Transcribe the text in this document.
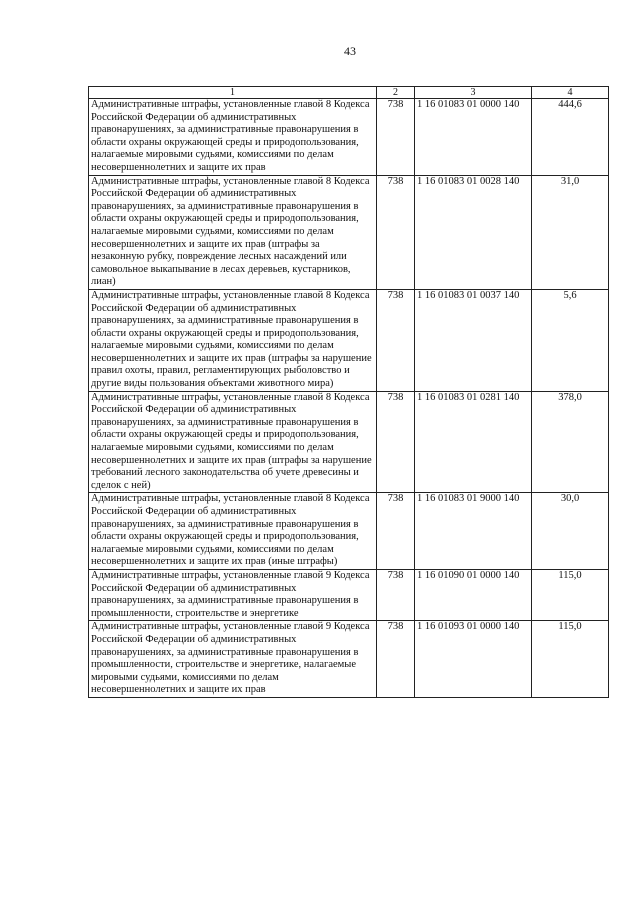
43
1	2	3	4
Административные штрафы, установленные главой 8 Кодекса Российской Федерации об административных правонарушениях, за административные правонарушения в области охраны окружающей среды и природопользования, налагаемые мировыми судьями, комиссиями по делам несовершеннолетних и защите их прав	738	1 16 01083 01 0000 140	444,6
Административные штрафы, установленные главой 8 Кодекса Российской Федерации об административных правонарушениях, за административные правонарушения в области охраны окружающей среды и природопользования, налагаемые мировыми судьями, комиссиями по делам несовершеннолетних и защите их прав (штрафы за незаконную рубку, повреждение лесных насаждений или самовольное выкапывание в лесах деревьев, кустарников, лиан)	738	1 16 01083 01 0028 140	31,0
Административные штрафы, установленные главой 8 Кодекса Российской Федерации об административных правонарушениях, за административные правонарушения в области охраны окружающей среды и природопользования, налагаемые мировыми судьями, комиссиями по делам несовершеннолетних и защите их прав (штрафы за нарушение правил охоты, правил, регламентирующих рыболовство и другие виды пользования объектами животного мира)	738	1 16 01083 01 0037 140	5,6
Административные штрафы, установленные главой 8 Кодекса Российской Федерации об административных правонарушениях, за административные правонарушения в области охраны окружающей среды и природопользования, налагаемые мировыми судьями, комиссиями по делам несовершеннолетних и защите их прав (штрафы за нарушение требований лесного законодательства об учете древесины и сделок с ней)	738	1 16 01083 01 0281 140	378,0
Административные штрафы, установленные главой 8 Кодекса Российской Федерации об административных правонарушениях, за административные правонарушения в области охраны окружающей среды и природопользования, налагаемые мировыми судьями, комиссиями по делам несовершеннолетних и защите их прав (иные штрафы)	738	1 16 01083 01 9000 140	30,0
Административные штрафы, установленные главой 9 Кодекса Российской Федерации об административных правонарушениях, за административные правонарушения в промышленности, строительстве и энергетике	738	1 16 01090 01 0000 140	115,0
Административные штрафы, установленные главой 9 Кодекса Российской Федерации об административных правонарушениях, за административные правонарушения в промышленности, строительстве и энергетике, налагаемые мировыми судьями, комиссиями по делам несовершеннолетних и защите их прав	738	1 16 01093 01 0000 140	115,0
